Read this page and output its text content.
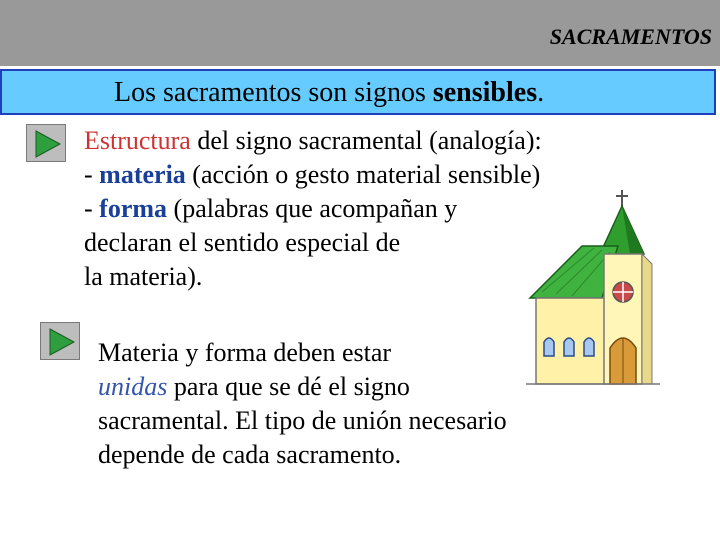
SACRAMENTOS
Los sacramentos son signos sensibles.
Estructura del signo sacramental (analogía):
- materia (acción o gesto material sensible)
- forma (palabras que acompañan y
declaran el sentido especial de
la materia).
Materia y forma deben estar
unidas para que se dé el signo
sacramental. El tipo de unión necesario
depende de cada sacramento.
